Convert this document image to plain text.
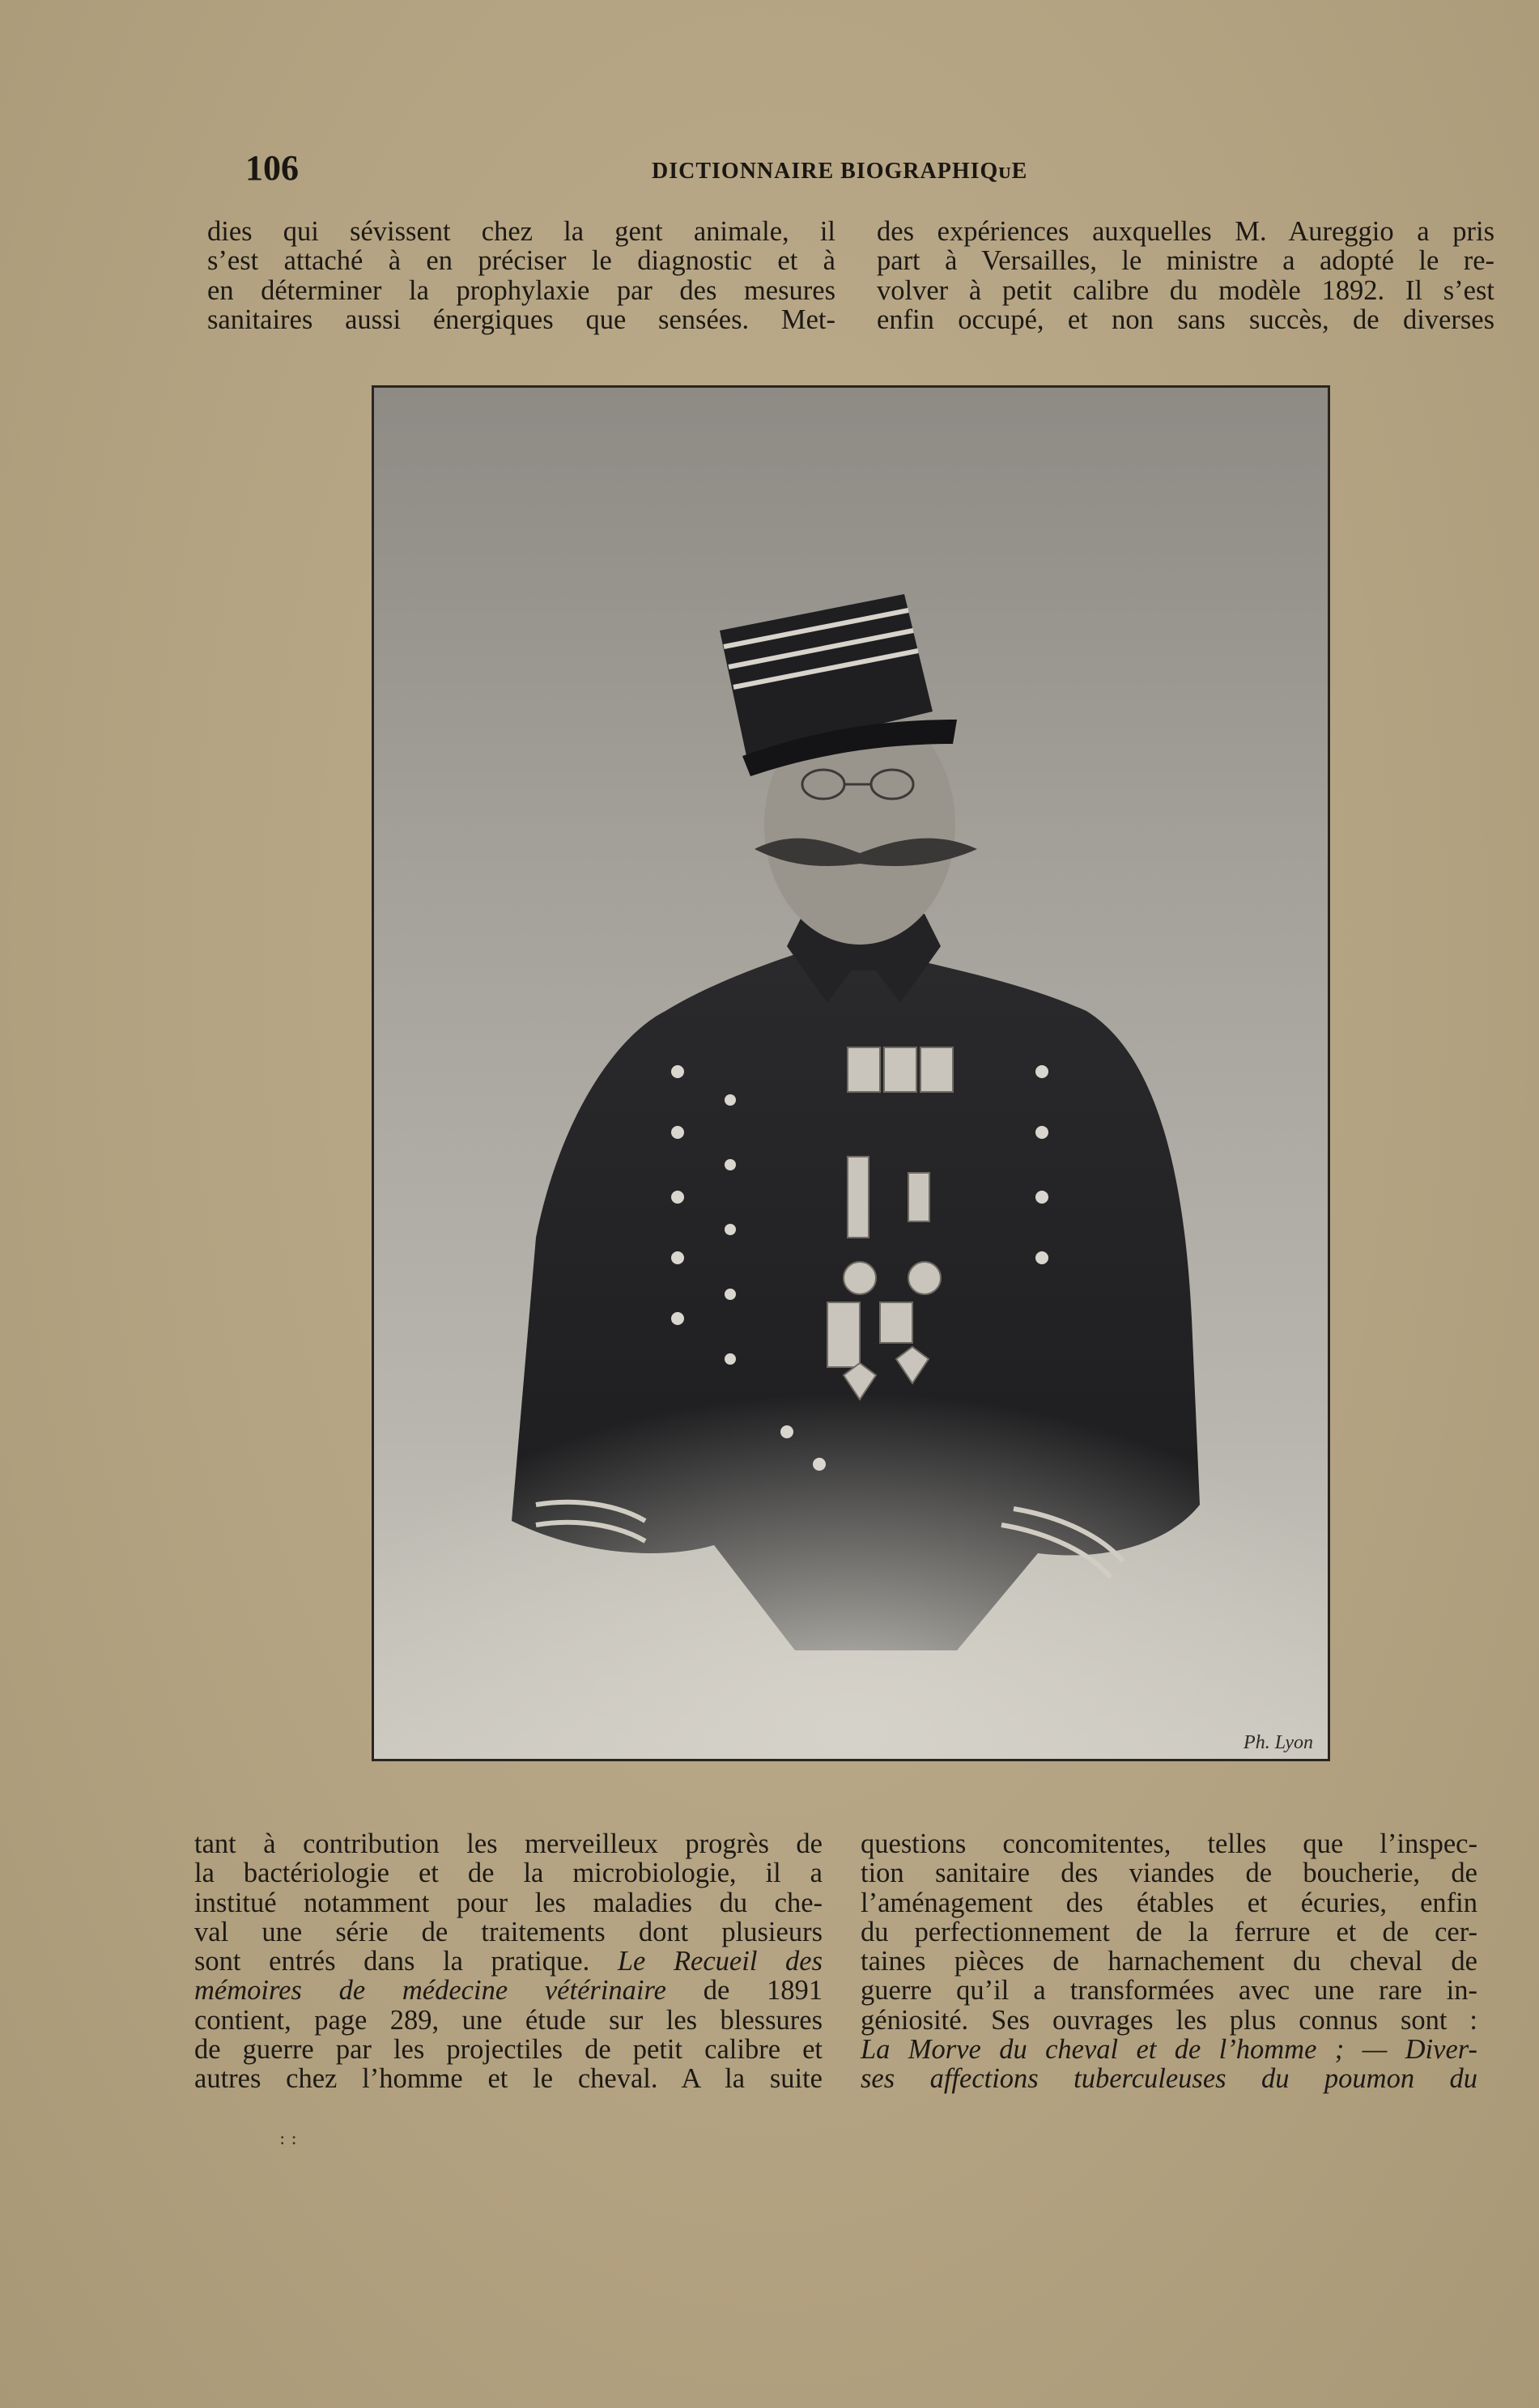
106	DICTIONNAIRE BIOGRAPHIQᴜE
dies qui sévissent chez la gent animale, il
s’est attaché à en préciser le diagnostic et à
en déterminer la prophylaxie par des mesures
sanitaires aussi énergiques que sensées. Met-
des expériences auxquelles M. Aureggio a pris
part à Versailles, le ministre a adopté le re-
volver à petit calibre du modèle 1892. Il s’est
enfin occupé, et non sans succès, de diverses
Ph. Lyon
tant à contribution les merveilleux progrès de
la bactériologie et de la microbiologie, il a
institué notamment pour les maladies du che-
val une série de traitements dont plusieurs
sont entrés dans la pratique. Le Recueil des
mémoires de médecine vétérinaire de 1891
contient, page 289, une étude sur les blessures
de guerre par les projectiles de petit calibre et
autres chez l’homme et le cheval. A la suite
questions concomitentes, telles que l’inspec-
tion sanitaire des viandes de boucherie, de
l’aménagement des étables et écuries, enfin
du perfectionnement de la ferrure et de cer-
taines pièces de harnachement du cheval de
guerre qu’il a transformées avec une rare in-
géniosité. Ses ouvrages les plus connus sont :
La Morve du cheval et de l’homme ; — Diver-
ses affections tuberculeuses du poumon du
: :
